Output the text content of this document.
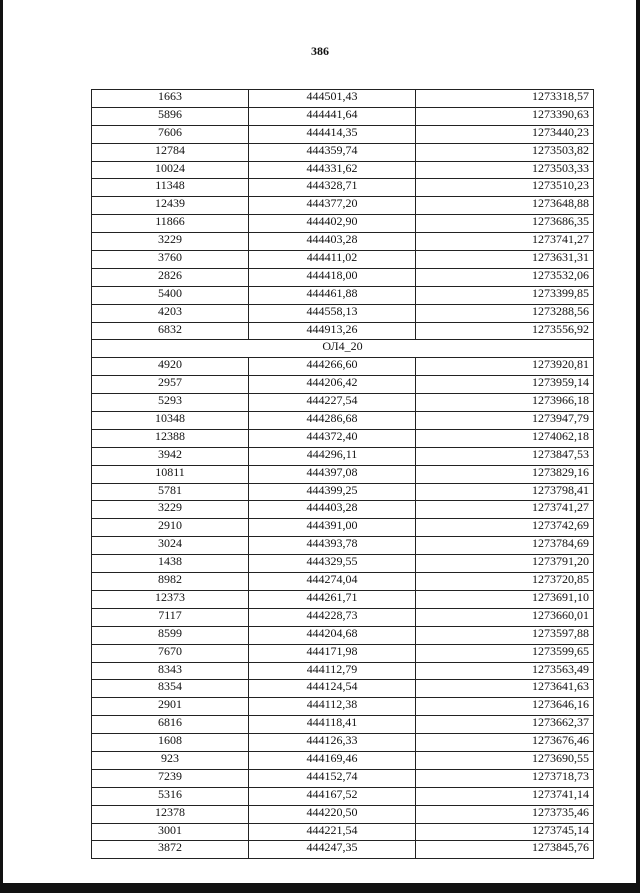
386
1663	444501,43	1273318,57
5896	444441,64	1273390,63
7606	444414,35	1273440,23
12784	444359,74	1273503,82
10024	444331,62	1273503,33
11348	444328,71	1273510,23
12439	444377,20	1273648,88
11866	444402,90	1273686,35
3229	444403,28	1273741,27
3760	444411,02	1273631,31
2826	444418,00	1273532,06
5400	444461,88	1273399,85
4203	444558,13	1273288,56
6832	444913,26	1273556,92
ОЛ4_20		
4920	444266,60	1273920,81
2957	444206,42	1273959,14
5293	444227,54	1273966,18
10348	444286,68	1273947,79
12388	444372,40	1274062,18
3942	444296,11	1273847,53
10811	444397,08	1273829,16
5781	444399,25	1273798,41
3229	444403,28	1273741,27
2910	444391,00	1273742,69
3024	444393,78	1273784,69
1438	444329,55	1273791,20
8982	444274,04	1273720,85
12373	444261,71	1273691,10
7117	444228,73	1273660,01
8599	444204,68	1273597,88
7670	444171,98	1273599,65
8343	444112,79	1273563,49
8354	444124,54	1273641,63
2901	444112,38	1273646,16
6816	444118,41	1273662,37
1608	444126,33	1273676,46
923	444169,46	1273690,55
7239	444152,74	1273718,73
5316	444167,52	1273741,14
12378	444220,50	1273735,46
3001	444221,54	1273745,14
3872	444247,35	1273845,76
